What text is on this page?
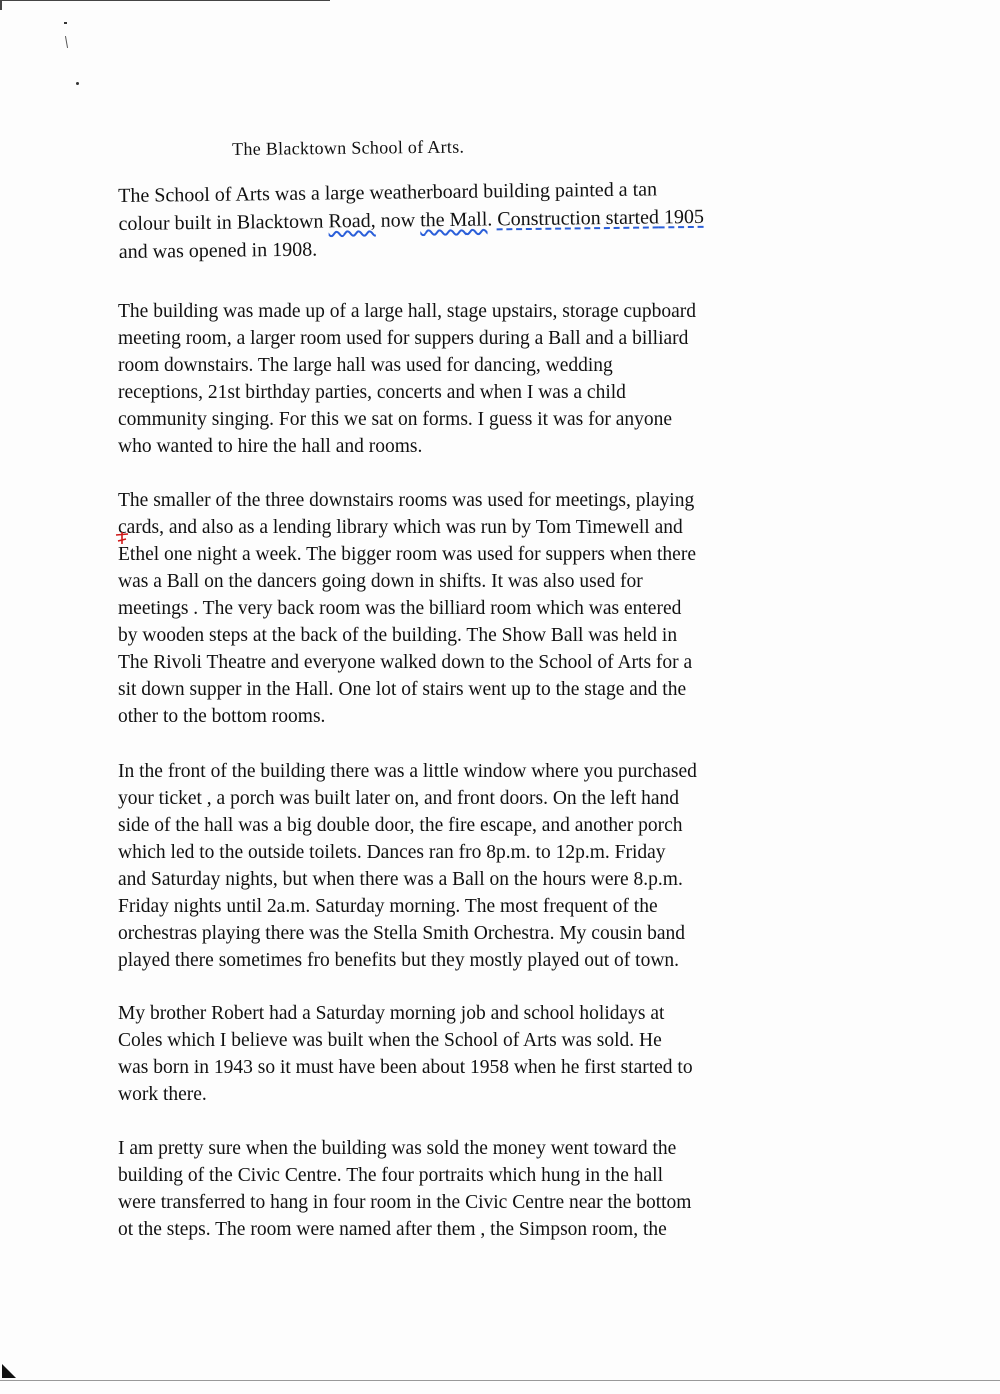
The Blacktown School of Arts.
The School of Arts was a large weatherboard building painted a tan
colour built in Blacktown Road, now the Mall. Construction started 1905
and was opened in 1908.
The building was made up of a large hall, stage upstairs, storage cupboard
meeting room, a larger room used for suppers during a Ball and a billiard
room downstairs. The large hall was used for dancing, wedding
receptions, 21st birthday parties, concerts and when I was a child
community singing. For this we sat on forms. I guess it was for anyone
who wanted to hire the hall and rooms.
The smaller of the three downstairs rooms was used for meetings, playing
cards, and also as a lending library which was run by Tom Timewell and
Ethel one night a week. The bigger room was used for suppers when there
was a Ball on the dancers going down in shifts. It was also used for
meetings . The very back room was the billiard room which was entered
by wooden steps at the back of the building. The Show Ball was held in
The Rivoli Theatre and everyone walked down to the School of Arts for a
sit down supper in the Hall. One lot of stairs went up to the stage and the
other to the bottom rooms.
In the front of the building there was a little window where you purchased
your ticket , a porch was built later on, and front doors. On the left hand
side of the hall was a big double door, the fire escape, and another porch
which led to the outside toilets. Dances ran fro 8p.m. to 12p.m. Friday
and Saturday nights, but when there was a Ball on the hours were 8.p.m.
Friday nights until 2a.m. Saturday morning. The most frequent of the
orchestras playing there was the Stella Smith Orchestra. My cousin band
played there sometimes fro benefits but they mostly played out of town.
My brother Robert had a Saturday morning job and school holidays at
Coles which I believe was built when the School of Arts was sold. He
was born in 1943 so it must have been about 1958 when he first started to
work there.
I am pretty sure when the building was sold the money went toward the
building of the Civic Centre. The four portraits which hung in the hall
were transferred to hang in four room in the Civic Centre near the bottom
ot the steps. The room were named after them , the Simpson room, the
